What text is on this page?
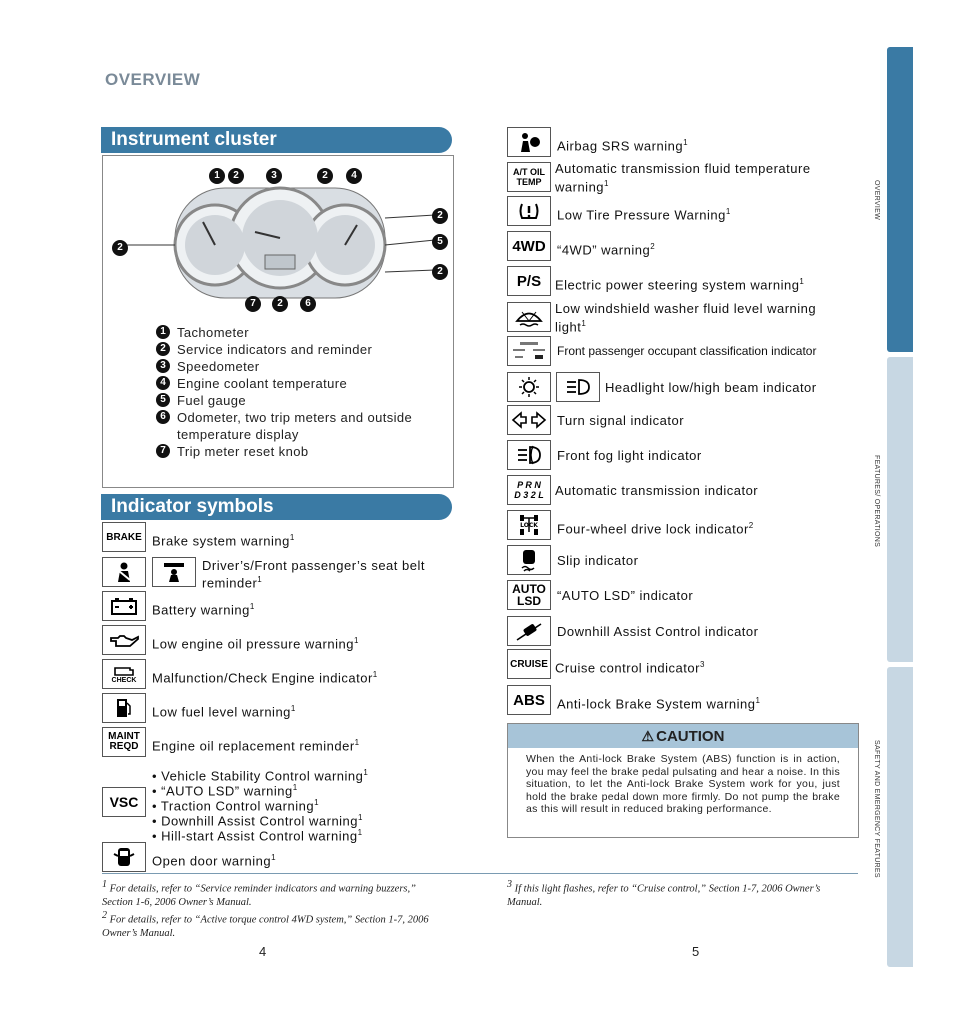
OVERVIEW
OVERVIEW
FEATURES/ OPERATIONS
SAFETY AND EMERGENCY FEATURES
Instrument cluster
1	2	3	2	4
2
2
5
2
7	2	6
1 Tachometer
2 Service indicators and reminder
3 Speedometer
4 Engine coolant temperature
5 Fuel gauge
6 Odometer, two trip meters and outside
temperature display
7 Trip meter reset knob
Indicator symbols
BRAKE Brake system warning$^1$
Driver’s/Front passenger’s seat belt
reminder$^1$
Battery warning$^1$
Low engine oil pressure warning$^1$
CHECK Malfunction/Check Engine indicator$^1$
Low fuel level warning$^1$
MAINT REQD	Engine oil replacement reminder$^1$
VSC
• Vehicle Stability Control warning$^1$
• “AUTO LSD” warning$^1$
• Traction Control warning$^1$
• Downhill Assist Control warning$^1$
• Hill-start Assist Control warning$^1$
Open door warning$^1$
Airbag SRS warning$^1$
A/T OIL TEMP
Automatic transmission fluid temperature
warning$^1$
Low Tire Pressure Warning$^1$
4WD “4WD” warning$^2$
P/S	Electric power steering system warning$^1$
Low windshield washer fluid level warning
light$^1$
Front passenger occupant classification indicator
Headlight low/high beam indicator
Turn signal indicator
Front fog light indicator
P R N D 3 2 L Automatic transmission indicator
LOCK Four-wheel drive lock indicator$^2$
Slip indicator
AUTO LSD	“AUTO LSD” indicator
Downhill Assist Control indicator
CRUISE Cruise control indicator$^3$
ABS Anti-lock Brake System warning$^1$
⚠ CAUTION
When the Anti-lock Brake System (ABS) function is in action, you may feel the brake pedal pulsating and hear a noise. In this situation, to let the Anti-lock Brake System work for you, just hold the brake pedal down more firmly. Do not pump the brake as this will result in reduced braking performance.
$^1$ For details, refer to “Service reminder indicators and warning buzzers,” Section 1-6, 2006 Owner’s Manual.
$^2$ For details, refer to “Active torque control 4WD system,” Section 1-7, 2006 Owner’s Manual.
$^3$ If this light flashes, refer to “Cruise control,” Section 1-7, 2006 Owner’s Manual.
4	5
